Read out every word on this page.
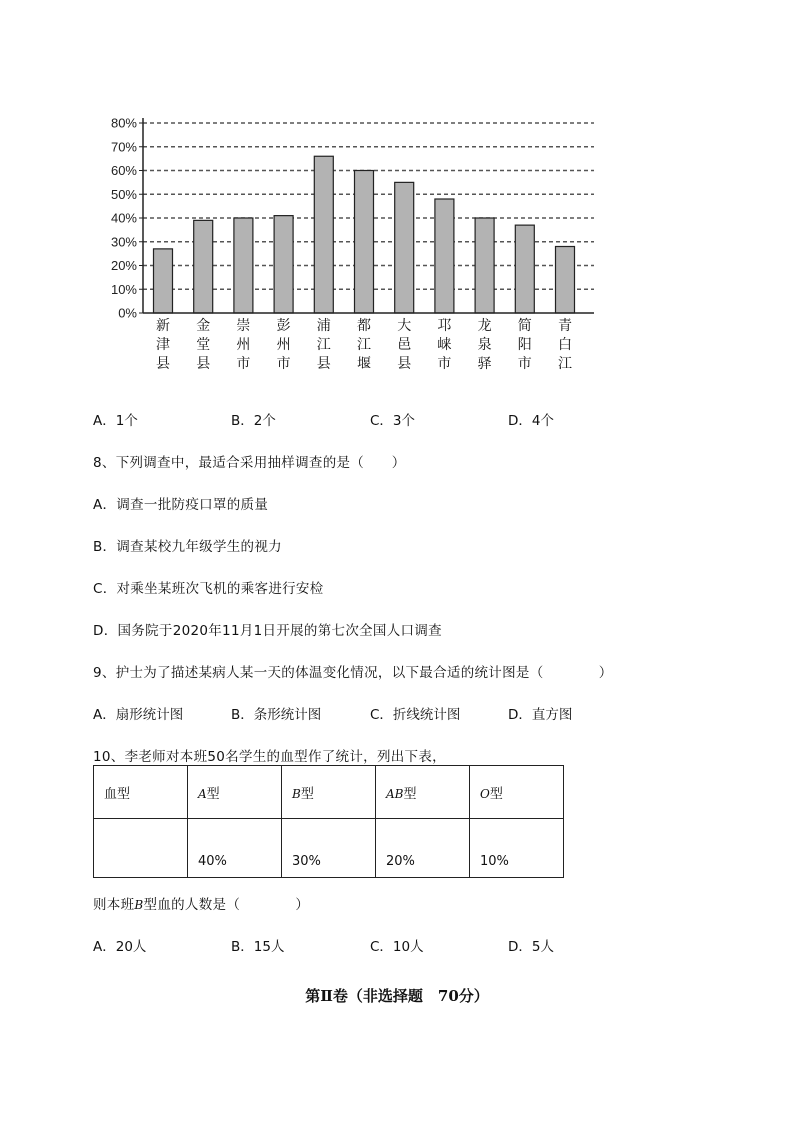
0%
10%
20%
30%
40%
50%
60%
70%
80%
新
津
县
金
堂
县
崇
州
市
彭
州
市
浦
江
县
都
江
堰
大
邑
县
邛
崃
市
龙
泉
驿
简
阳
市
青
白
江
A．1个	B．2个	C．3个	D．4个
8、下列调查中，最适合采用抽样调查的是（　　）
A．调查一批防疫口罩的质量
B．调查某校九年级学生的视力
C．对乘坐某班次飞机的乘客进行安检
D．国务院于2020年11月1日开展的第七次全国人口调查
9、护士为了描述某病人某一天的体温变化情况，以下最合适的统计图是（　　　　）
A．扇形统计图	B．条形统计图	C．折线统计图	D．直方图
10、李老师对本班50名学生的血型作了统计，列出下表，
血型	A型	B型	AB型	O型
	40%	30%	20%	10%
则本班B型血的人数是（　　　　）
A．20人	B．15人	C．10人	D．5人
第Ⅱ卷（非选择题　70分）
